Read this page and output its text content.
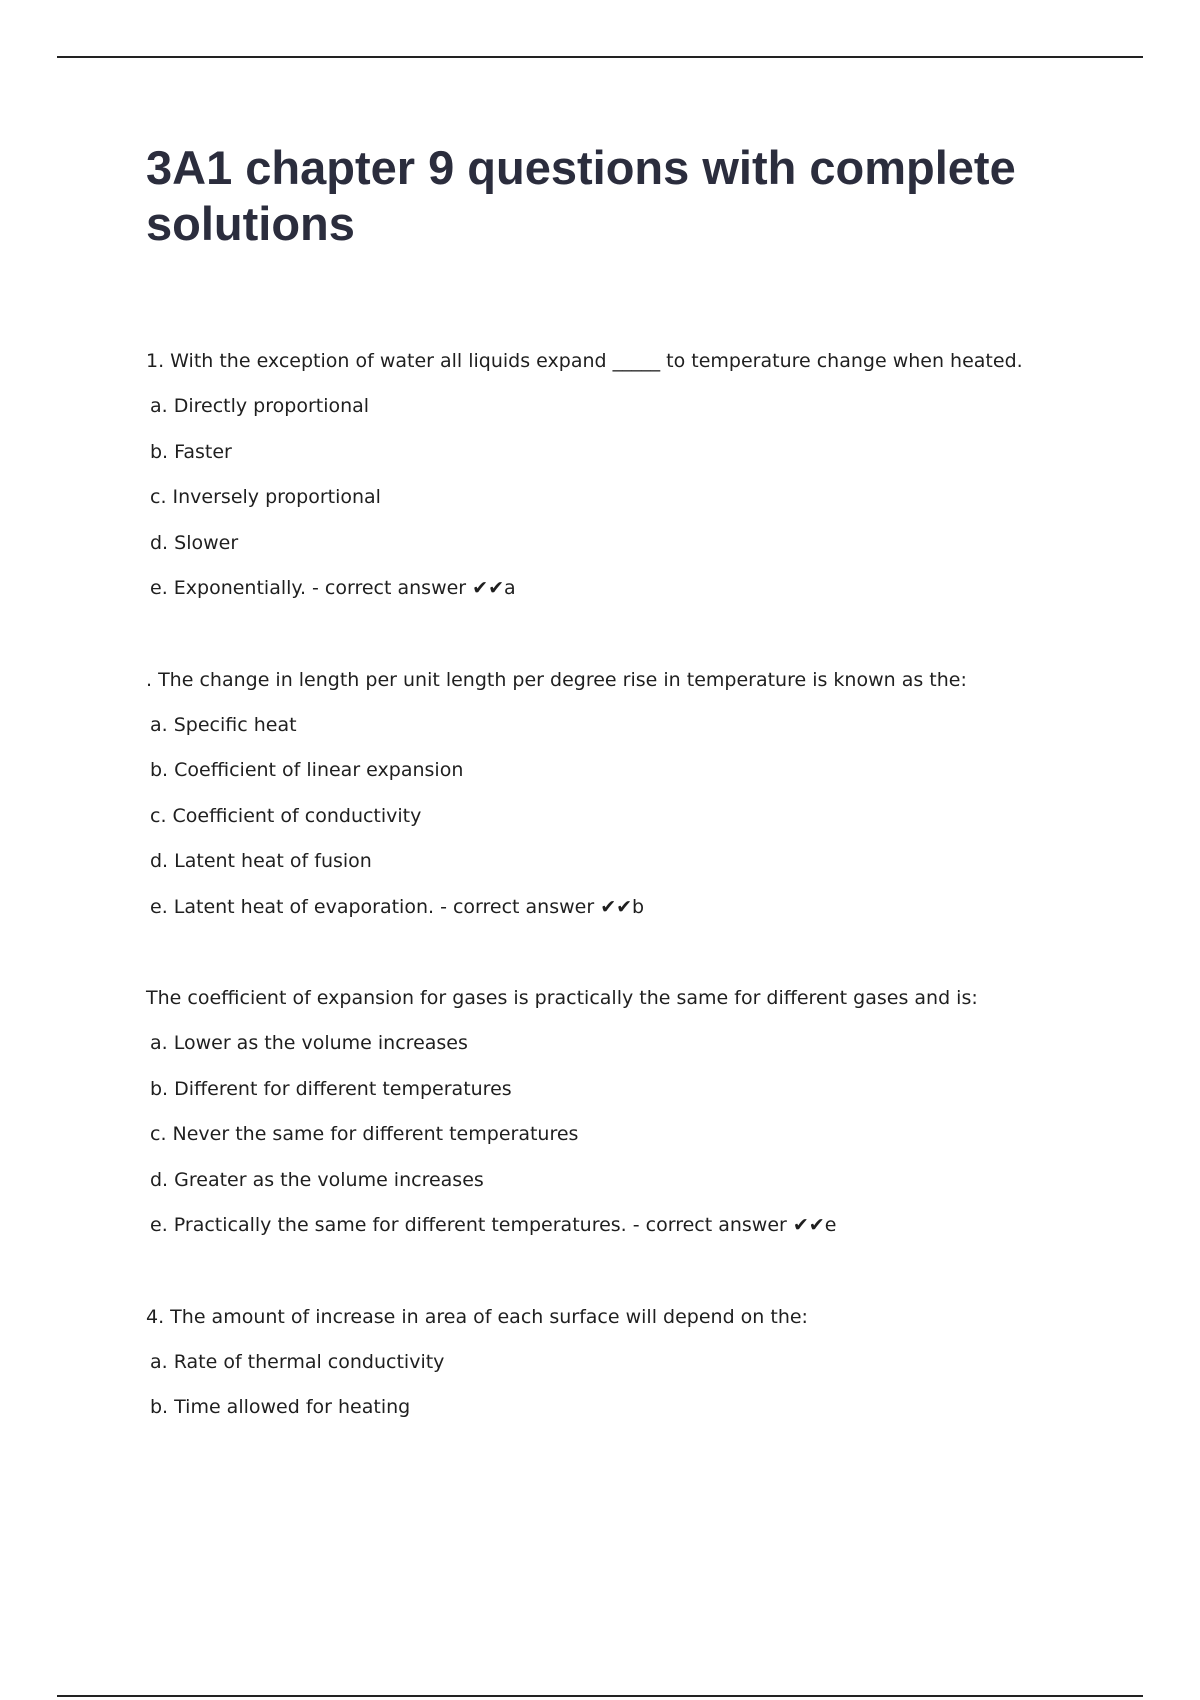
3A1 chapter 9 questions with complete solutions

1. With the exception of water all liquids expand _____ to temperature change when heated.

a. Directly proportional

b. Faster

c. Inversely proportional

d. Slower

e. Exponentially. - correct answer ✔✔a

. The change in length per unit length per degree rise in temperature is known as the:

a. Specific heat

b. Coefficient of linear expansion

c. Coefficient of conductivity

d. Latent heat of fusion

e. Latent heat of evaporation. - correct answer ✔✔b

The coefficient of expansion for gases is practically the same for different gases and is:

a. Lower as the volume increases

b. Different for different temperatures

c. Never the same for different temperatures

d. Greater as the volume increases

e. Practically the same for different temperatures. - correct answer ✔✔e

4. The amount of increase in area of each surface will depend on the:

a. Rate of thermal conductivity

b. Time allowed for heating
